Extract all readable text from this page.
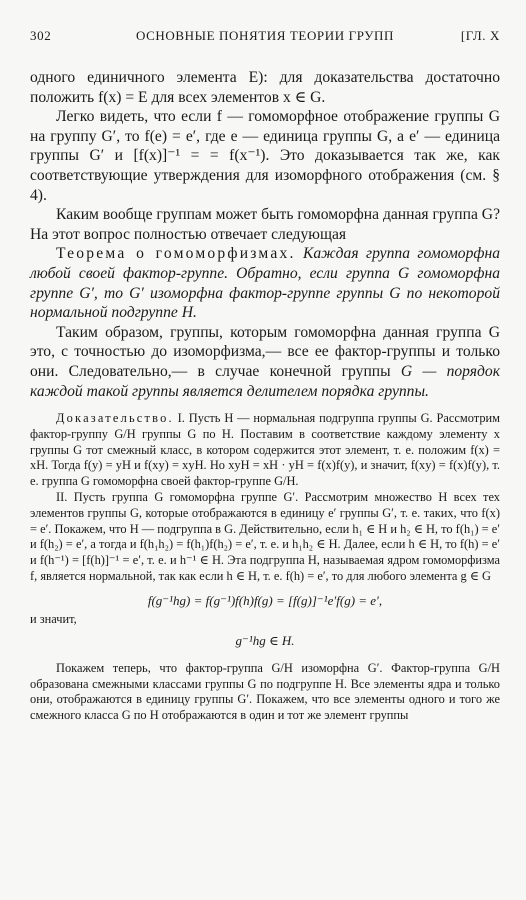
302	ОСНОВНЫЕ ПОНЯТИЯ ТЕОРИИ ГРУПП	[ГЛ. X

одного единичного элемента E): для доказательства достаточно положить f(x) = E для всех элементов x ∈ G.

Легко видеть, что если f — гомоморфное отображение группы G на группу G′, то f(e) = e′, где e — единица группы G, а e′ — единица группы G′ и [f(x)]⁻¹ = = f(x⁻¹). Это доказывается так же, как соответствующие утверждения для изоморфного отображения (см. § 4).

Каким вообще группам может быть гомоморфна данная группа G? На этот вопрос полностью отвечает следующая

Теорема о гомоморфизмах. Каждая группа гомоморфна любой своей фактор-группе. Обратно, если группа G гомоморфна группе G′, то G′ изоморфна фактор-группе группы G по некоторой нормальной подгруппе H.

Таким образом, группы, которым гомоморфна данная группа G это, с точностью до изоморфизма,— все ее фактор-группы и только они. Следовательно,— в случае конечной группы G — порядок каждой такой группы является делителем порядка группы.

Доказательство. I. Пусть H — нормальная подгруппа группы G. Рассмотрим фактор-группу G/H группы G по H. Поставим в соответствие каждому элементу x группы G тот смежный класс, в котором содержится этот элемент, т. е. положим f(x) = xH. Тогда f(y) = yH и f(xy) = xyH. Но xyH = xH · yH = f(x)f(y), и значит, f(xy) = f(x)f(y), т. е. группа G гомоморфна своей фактор-группе G/H.

II. Пусть группа G гомоморфна группе G′. Рассмотрим множество H всех тех элементов группы G, которые отображаются в единицу e′ группы G′, т. е. таких, что f(x) = e′. Покажем, что H — подгруппа в G. Действительно, если h₁ ∈ H и h₂ ∈ H, то f(h₁) = e′ и f(h₂) = e′, а тогда и f(h₁h₂) = f(h₁)f(h₂) = e′, т. е. и h₁h₂ ∈ H. Далее, если h ∈ H, то f(h) = e′ и f(h⁻¹) = [f(h)]⁻¹ = e′, т. е. и h⁻¹ ∈ H. Эта подгруппа H, называемая ядром гомоморфизма f, является нормальной, так как если h ∈ H, т. е. f(h) = e′, то для любого элемента g ∈ G

f(g⁻¹hg) = f(g⁻¹)f(h)f(g) = [f(g)]⁻¹e′f(g) = e′,
и значит,
g⁻¹hg ∈ H.

Покажем теперь, что фактор-группа G/H изоморфна G′. Фактор-группа G/H образована смежными классами группы G по подгруппе H. Все элементы ядра и только они, отображаются в единицу группы G′. Покажем, что все элементы одного и того же смежного класса G по H отображаются в один и тот же элемент группы
